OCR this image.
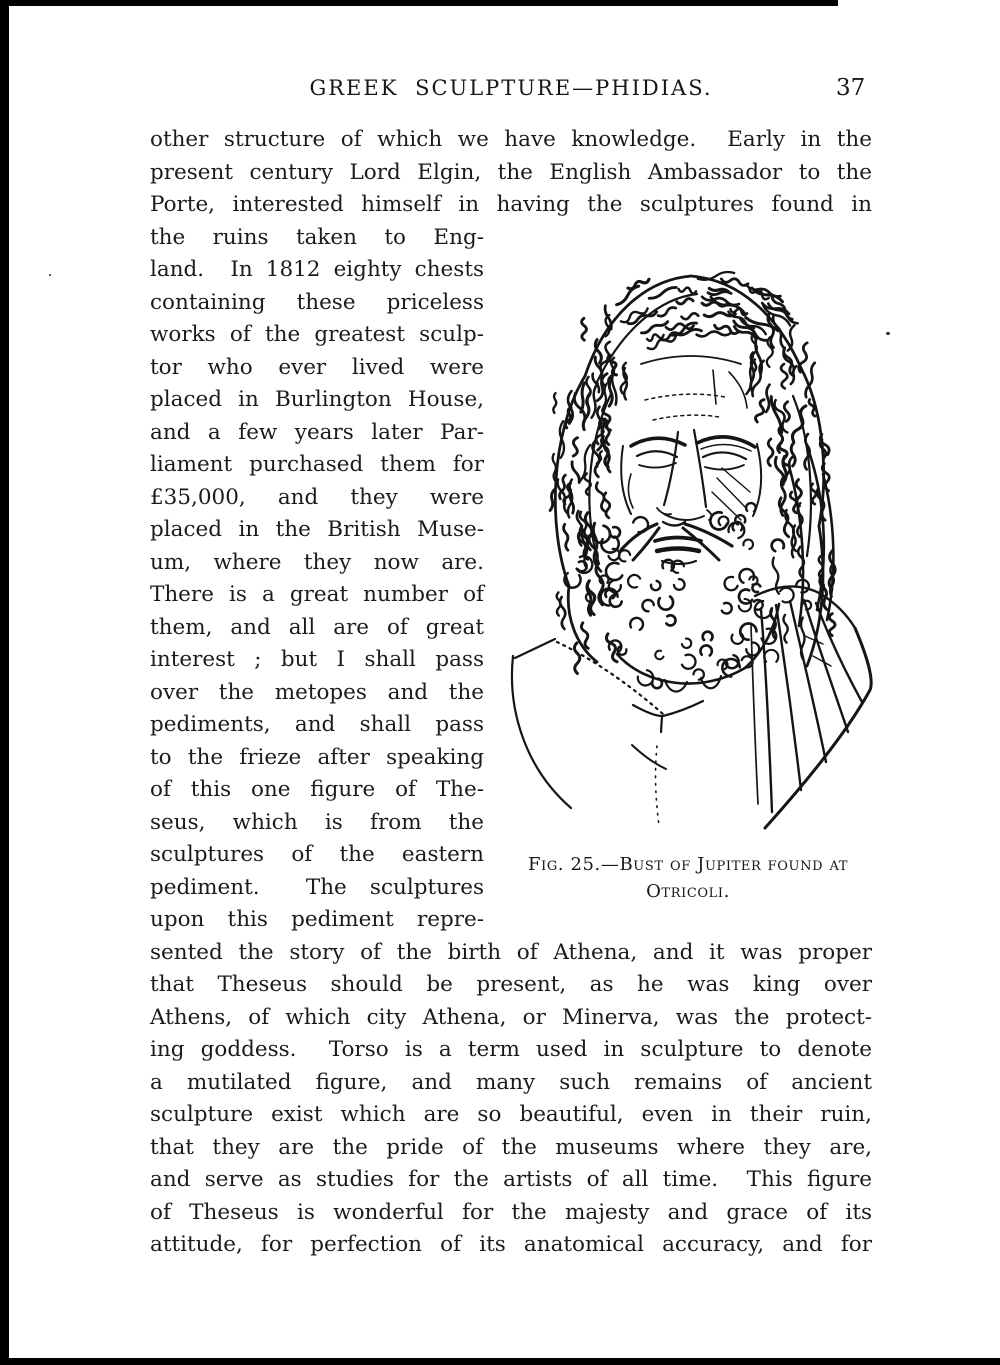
GREEK SCULPTURE—PHIDIAS.	37
other structure of which we have knowledge.  Early in the
present century Lord Elgin, the English Ambassador to the
Porte, interested himself in having the sculptures found in
the ruins taken to Eng-
land.  In 1812 eighty chests
containing these priceless
works of the greatest sculp-
tor who ever lived were
placed in Burlington House,
and a few years later Par-
liament purchased them for
£35,000, and they were
placed in the British Muse-
um, where they now are.
There is a great number of
them, and all are of great
interest ; but I shall pass
over the metopes and the
pediments, and shall pass
to the frieze after speaking
of this one figure of The-
seus, which is from the
sculptures of the eastern
pediment.  The sculptures
upon this pediment repre-
Fig. 25.—Bust of Jupiter found at
Otricoli.
sented the story of the birth of Athena, and it was proper
that Theseus should be present, as he was king over
Athens, of which city Athena, or Minerva, was the protect-
ing goddess.  Torso is a term used in sculpture to denote
a mutilated figure, and many such remains of ancient
sculpture exist which are so beautiful, even in their ruin,
that they are the pride of the museums where they are,
and serve as studies for the artists of all time.  This figure
of Theseus is wonderful for the majesty and grace of its
attitude, for perfection of its anatomical accuracy, and for
